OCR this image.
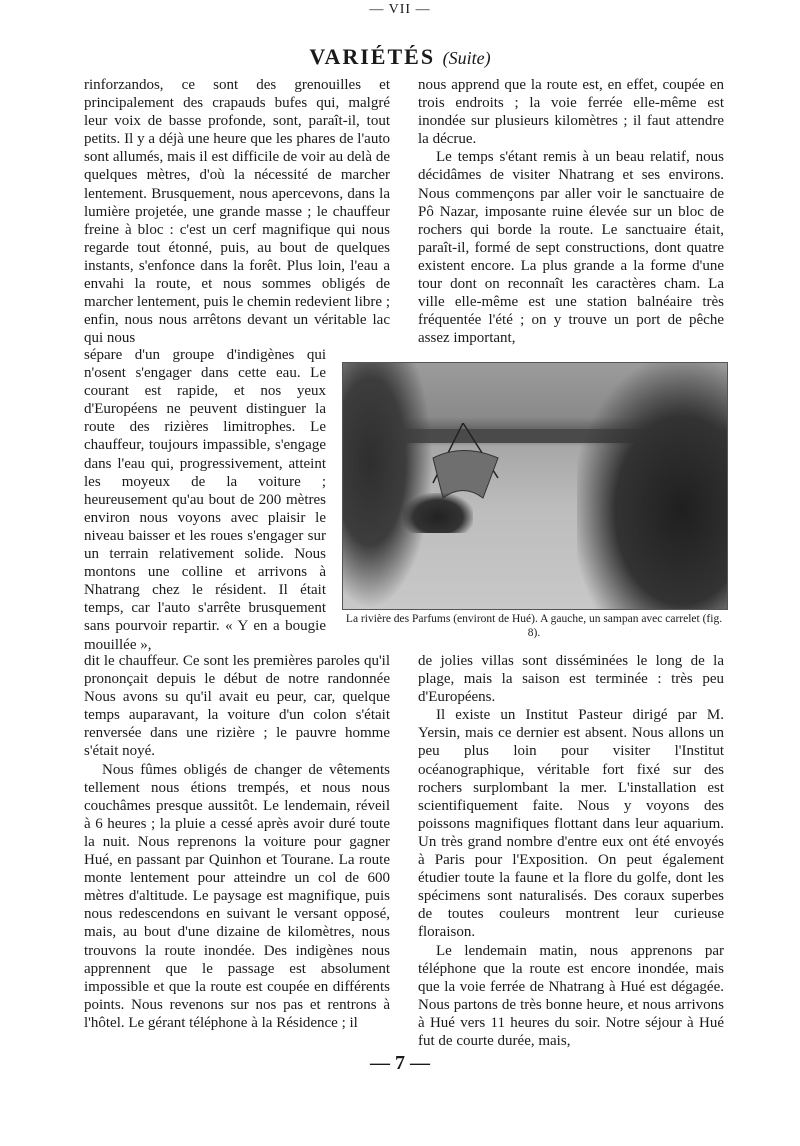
— VII —
VARIÉTÉS (Suite)

rinforzandos, ce sont des grenouilles et principalement des crapauds bufes qui, malgré leur voix de basse profonde, sont, paraît-il, tout petits. Il y a déjà une heure que les phares de l'auto sont allumés, mais il est difficile de voir au delà de quelques mètres, d'où la nécessité de marcher lentement. Brusquement, nous apercevons, dans la lumière projetée, une grande masse ; le chauffeur freine à bloc : c'est un cerf magnifique qui nous regarde tout étonné, puis, au bout de quelques instants, s'enfonce dans la forêt. Plus loin, l'eau a envahi la route, et nous sommes obligés de marcher lentement, puis le chemin redevient libre ; enfin, nous nous arrêtons devant un véritable lac qui nous

sépare d'un groupe d'indigènes qui n'osent s'engager dans cette eau. Le courant est rapide, et nos yeux d'Européens ne peuvent distinguer la route des rizières limitrophes. Le chauffeur, toujours impassible, s'engage dans l'eau qui, progressivement, atteint les moyeux de la voiture ; heureusement qu'au bout de 200 mètres environ nous voyons avec plaisir le niveau baisser et les roues s'engager sur un terrain relativement solide. Nous montons une colline et arrivons à Nhatrang chez le résident. Il était temps, car l'auto s'arrête brusquement sans pourvoir repartir. « Y en a bougie mouillée »,

dit le chauffeur. Ce sont les premières paroles qu'il prononçait depuis le début de notre randonnée Nous avons su qu'il avait eu peur, car, quelque temps auparavant, la voiture d'un colon s'était renversée dans une rizière ; le pauvre homme s'était noyé.

Nous fûmes obligés de changer de vêtements tellement nous étions trempés, et nous nous couchâmes presque aussitôt. Le lendemain, réveil à 6 heures ; la pluie a cessé après avoir duré toute la nuit. Nous reprenons la voiture pour gagner Hué, en passant par Quinhon et Tourane. La route monte lentement pour atteindre un col de 600 mètres d'altitude. Le paysage est magnifique, puis nous redescendons en suivant le versant opposé, mais, au bout d'une dizaine de kilomètres, nous trouvons la route inondée. Des indigènes nous apprennent que le passage est absolument impossible et que la route est coupée en différents points. Nous revenons sur nos pas et rentrons à l'hôtel. Le gérant téléphone à la Résidence ; il

nous apprend que la route est, en effet, coupée en trois endroits ; la voie ferrée elle-même est inondée sur plusieurs kilomètres ; il faut attendre la décrue.

Le temps s'étant remis à un beau relatif, nous décidâmes de visiter Nhatrang et ses environs. Nous commençons par aller voir le sanctuaire de Pô Nazar, imposante ruine élevée sur un bloc de rochers qui borde la route. Le sanctuaire était, paraît-il, formé de sept constructions, dont quatre existent encore. La plus grande a la forme d'une tour dont on reconnaît les caractères cham. La ville elle-même est une station balnéaire très fréquentée l'été ; on y trouve un port de pêche assez important,

La rivière des Parfums (environt de Hué). A gauche, un sampan avec carrelet (fig. 8).

de jolies villas sont disséminées le long de la plage, mais la saison est terminée : très peu d'Européens.

Il existe un Institut Pasteur dirigé par M. Yersin, mais ce dernier est absent. Nous allons un peu plus loin pour visiter l'Institut océanographique, véritable fort fixé sur des rochers surplombant la mer. L'installation est scientifiquement faite. Nous y voyons des poissons magnifiques flottant dans leur aquarium. Un très grand nombre d'entre eux ont été envoyés à Paris pour l'Exposition. On peut également étudier toute la faune et la flore du golfe, dont les spécimens sont naturalisés. Des coraux superbes de toutes couleurs montrent leur curieuse floraison.

Le lendemain matin, nous apprenons par téléphone que la route est encore inondée, mais que la voie ferrée de Nhatrang à Hué est dégagée. Nous partons de très bonne heure, et nous arrivons à Hué vers 11 heures du soir. Notre séjour à Hué fut de courte durée, mais,

— 7 —
